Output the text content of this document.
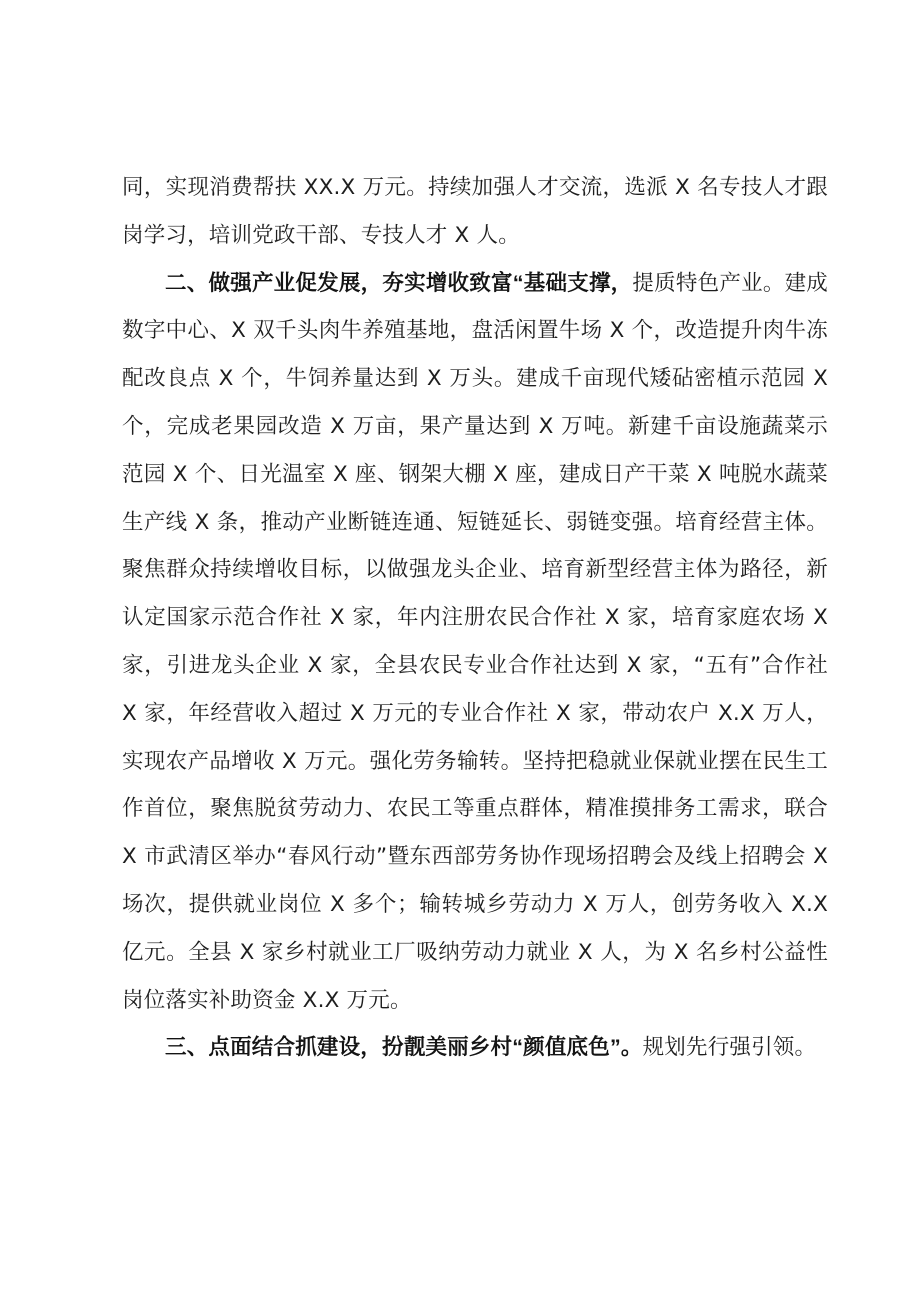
同，实现消费帮扶 XX.X 万元。持续加强人才交流，选派 X 名专技人才跟岗学习，培训党政干部、专技人才 X 人。

二、做强产业促发展，夯实增收致富“基础支撑，提质特色产业。建成数字中心、X 双千头肉牛养殖基地，盘活闲置牛场 X 个，改造提升肉牛冻配改良点 X 个，牛饲养量达到 X 万头。建成千亩现代矮砧密植示范园 X 个，完成老果园改造 X 万亩，果产量达到 X 万吨。新建千亩设施蔬菜示范园 X 个、日光温室 X 座、钢架大棚 X 座，建成日产干菜 X 吨脱水蔬菜生产线 X 条，推动产业断链连通、短链延长、弱链变强。培育经营主体。聚焦群众持续增收目标，以做强龙头企业、培育新型经营主体为路径，新认定国家示范合作社 X 家，年内注册农民合作社 X 家，培育家庭农场 X 家，引进龙头企业 X 家，全县农民专业合作社达到 X 家，“五有”合作社 X 家，年经营收入超过 X 万元的专业合作社 X 家，带动农户 X.X 万人，实现农产品增收 X 万元。强化劳务输转。坚持把稳就业保就业摆在民生工作首位，聚焦脱贫劳动力、农民工等重点群体，精准摸排务工需求，联合 X 市武清区举办“春风行动”暨东西部劳务协作现场招聘会及线上招聘会 X 场次，提供就业岗位 X 多个；输转城乡劳动力 X 万人，创劳务收入 X.X 亿元。全县 X 家乡村就业工厂吸纳劳动力就业 X 人，为 X 名乡村公益性岗位落实补助资金 X.X 万元。

三、点面结合抓建设，扮靓美丽乡村“颜值底色”。规划先行强引领。
